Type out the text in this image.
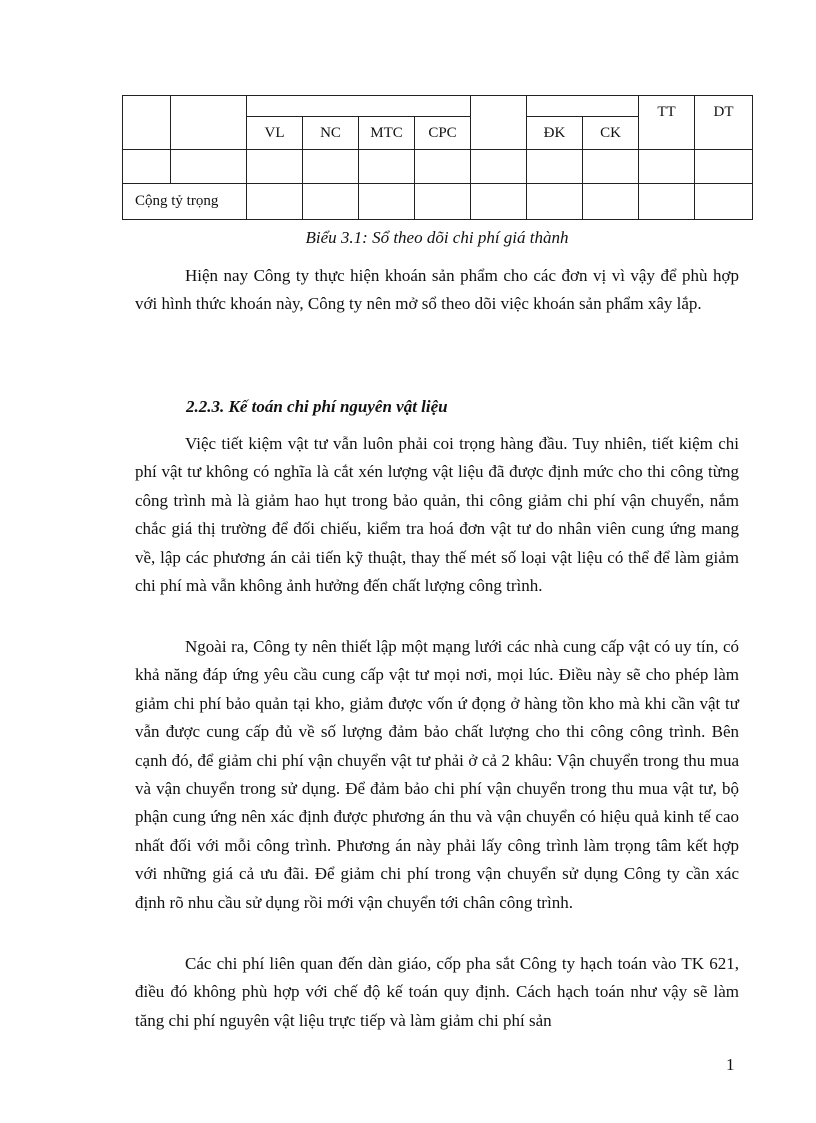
									TT	DT
		VL	NC	MTC	CPC		ĐK	CK		

Cộng tỷ trọng										
Biểu 3.1: Sổ theo dõi chi phí giá thành

Hiện nay Công ty thực hiện khoán sản phẩm cho các đơn vị vì vậy để phù hợp với hình thức khoán này, Công ty nên mở sổ theo dõi việc khoán sản phẩm xây lắp.

2.2.3. Kế toán chi phí nguyên vật liệu

Việc tiết kiệm vật tư vẫn luôn phải coi trọng hàng đầu. Tuy nhiên, tiết kiệm chi phí vật tư không có nghĩa là cắt xén lượng vật liệu đã được định mức cho thi công từng công trình mà là giảm hao hụt trong bảo quản, thi công giảm chi phí vận chuyển, nắm chắc giá thị trường để đối chiếu, kiểm tra hoá đơn vật tư do nhân viên cung ứng mang về, lập các phương án cải tiến kỹ thuật, thay thế mét số loại vật liệu có thể để làm giảm chi phí mà vẫn không ảnh hưởng đến chất lượng công trình.

Ngoài ra, Công ty nên thiết lập một mạng lưới các nhà cung cấp vật có uy tín, có khả năng đáp ứng yêu cầu cung cấp vật tư mọi nơi, mọi lúc. Điều này sẽ cho phép làm giảm chi phí bảo quản tại kho, giảm được vốn ứ đọng ở hàng tồn kho mà khi cần vật tư vẫn được cung cấp đủ về số lượng đảm bảo chất lượng cho thi công công trình. Bên cạnh đó, để giảm chi phí vận chuyển vật tư phải ở cả 2 khâu: Vận chuyển trong thu mua và vận chuyển trong sử dụng. Để đảm bảo chi phí vận chuyển trong thu mua vật tư, bộ phận cung ứng nên xác định được phương án thu và vận chuyển có hiệu quả kinh tế cao nhất đối với mỗi công trình. Phương án này phải lấy công trình làm trọng tâm kết hợp với những giá cả ưu đãi. Để giảm chi phí trong vận chuyển sử dụng Công ty cần xác định rõ nhu cầu sử dụng rồi mới vận chuyển tới chân công trình.

Các chi phí liên quan đến dàn giáo, cốp pha sắt Công ty hạch toán vào TK 621, điều đó không phù hợp với chế độ kế toán quy định. Cách hạch toán như vậy sẽ làm tăng chi phí nguyên vật liệu trực tiếp và làm giảm chi phí sản

1
